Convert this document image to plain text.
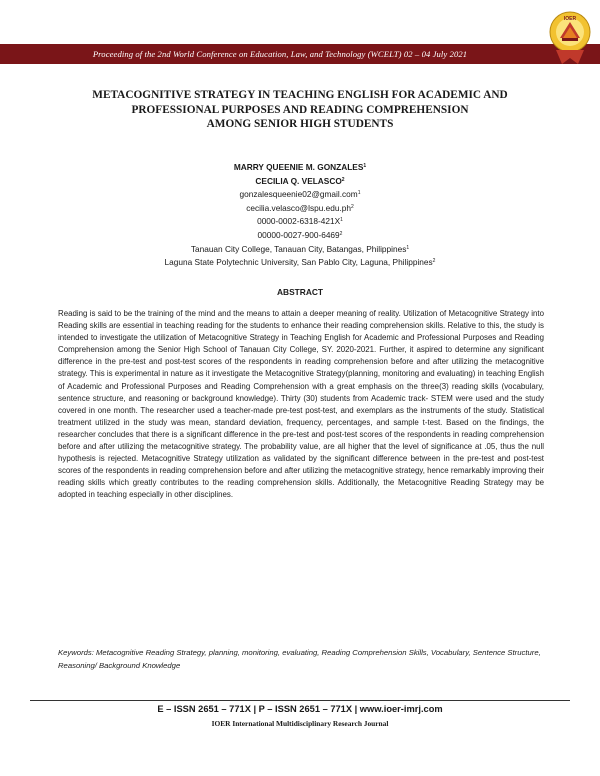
Proceeding of the 2nd World Conference on Education, Law, and Technology (WCELT) 02 – 04 July 2021
IOER
METACOGNITIVE STRATEGY IN TEACHING ENGLISH FOR ACADEMIC AND
PROFESSIONAL PURPOSES AND READING COMPREHENSION
AMONG SENIOR HIGH STUDENTS
MARRY QUEENIE M. GONZALES$^1$
CECILIA Q. VELASCO$^2$
gonzalesqueenie02@gmail.com$^1$
$cecilia.velasco@lspu.edu.ph^2$
$0000-0002-6318-421X^1$
00000-0027-900-6469$^2$
Tanauan City College, Tanauan City, Batangas, Philippines$^1$
Laguna State Polytechnic University, San Pablo City, Laguna, Philippines$^2$
ABSTRACT
Reading is said to be the training of the mind and the means to attain a deeper meaning of reality. Utilization of Metacognitive Strategy into Reading skills are essential in teaching reading for the students to enhance their reading comprehension skills. Relative to this, the study is intended to investigate the utilization of Metacognitive Strategy in Teaching English for Academic and Professional Purposes and Reading Comprehension among the Senior High School of Tanauan City College, SY. 2020-2021. Further, it aspired to determine any significant difference in the pre-test and post-test scores of the respondents in reading comprehension before and after utilizing the metacognitive strategy. This is experimental in nature as it investigate the Metacognitive Strategy(planning, monitoring and evaluating) in teaching English of Academic and Professional Purposes and Reading Comprehension with a great emphasis on the three(3) reading skills (vocabulary, sentence structure, and reasoning or background knowledge). Thirty (30) students from Academic track- STEM were used and the study covered in one month. The researcher used a teacher-made pre-test post-test, and exemplars as the instruments of the study. Statistical treatment utilized in the study was mean, standard deviation, frequency, percentages, and sample t-test. Based on the findings, the researcher concludes that there is a significant difference in the pre-test and post-test scores of the respondents in reading comprehension before and after utilizing the metacognitive strategy. The probability value, are all higher that the level of significance at .05, thus the null hypothesis is rejected. Metacognitive Strategy utilization as validated by the significant difference between in the pre-test and post-test scores of the respondents in reading comprehension before and after utilizing the metacognitive strategy, hence remarkably improving their reading skills which greatly contributes to the reading comprehension skills. Additionally, the Metacognitive Reading Strategy may be adopted in teaching especially in other disciplines.
Keywords: Metacognitive Reading Strategy, planning, monitoring, evaluating, Reading Comprehension Skills, Vocabulary, Sentence Structure, Reasoning/ Background Knowledge
E – ISSN 2651 – 771X | P – ISSN 2651 – 771X | www.ioer-imrj.com
IOER International Multidisciplinary Research Journal
